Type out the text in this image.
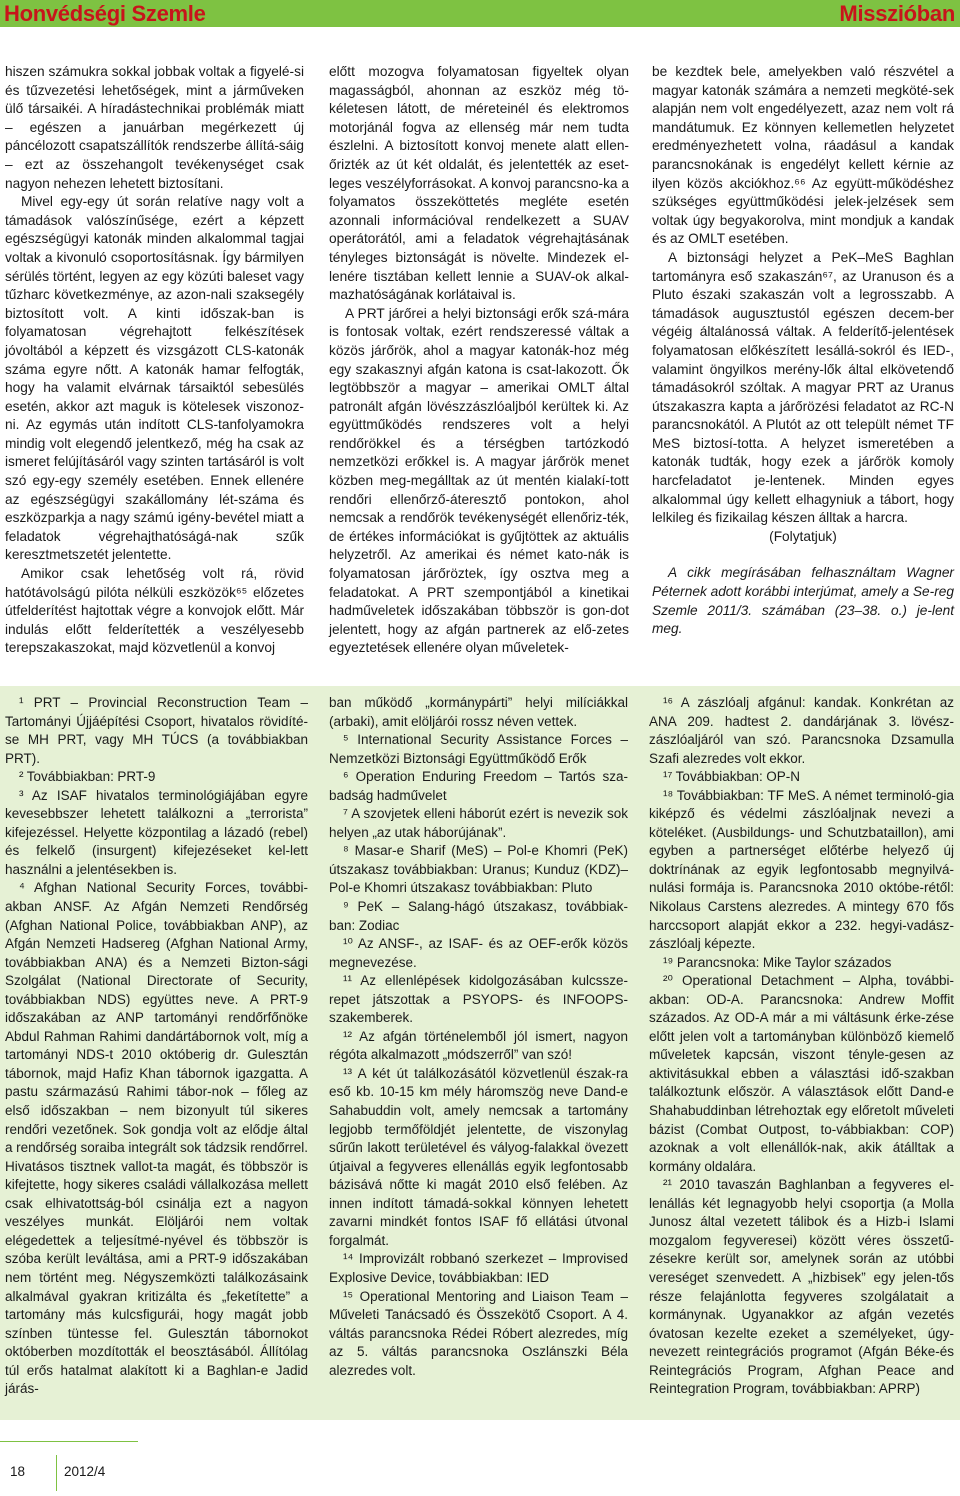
Honvédségi Szemle	Misszióban

hiszen számukra sokkal jobbak voltak a figyelé-si és tűzvezetési lehetőségek, mint a járműveken ülő társaikéi. A híradástechnikai problémák miatt – egészen a januárban megérkezett új páncélozott csapatszállítók rendszerbe állítá-sáig – ezt az összehangolt tevékenységet csak nagyon nehezen lehetett biztosítani.

Mivel egy-egy út során relatíve nagy volt a támadások valószínűsége, ezért a képzett egészségügyi katonák minden alkalommal tagjai voltak a kivonuló csoportosításnak. Így bármilyen sérülés történt, legyen az egy közúti baleset vagy tűzharc következménye, az azon-nali szaksegély biztosított volt. A kinti időszak-ban is folyamatosan végrehajtott felkészítések jóvoltából a képzett és vizsgázott CLS-katonák száma egyre nőtt. A katonák hamar felfogták, hogy ha valamit elvárnak társaiktól sebesülés esetén, akkor azt maguk is kötelesek viszonoz-ni. Az egymás után indított CLS-tanfolyamokra mindig volt elegendő jelentkező, még ha csak az ismeret felújításáról vagy szinten tartásáról is volt szó egy-egy személy esetében. Ennek ellenére az egészségügyi szakállomány lét-száma és eszközparkja a nagy számú igény-bevétel miatt a feladatok végrehajthatóságá-nak szűk keresztmetszetét jelentette.

Amikor csak lehetőség volt rá, rövid hatótávolságú pilóta nélküli eszközök⁶⁵ előzetes útfelderítést hajtottak végre a konvojok előtt. Már indulás előtt felderítették a veszélyesebb terepszakaszokat, majd közvetlenül a konvoj

előtt mozogva folyamatosan figyeltek olyan magasságból, ahonnan az eszköz még tö-kéletesen látott, de méreteinél és elektromos motorjánál fogva az ellenség már nem tudta észlelni. A biztosított konvoj menete alatt ellen-őrizték az út két oldalát, és jelentették az eset-leges veszélyforrásokat. A konvoj parancsno-ka a folyamatos összeköttetés megléte esetén azonnali információval rendelkezett a SUAV operátorától, ami a feladatok végrehajtásának tényleges biztonságát is növelte. Mindezek el-lenére tisztában kellett lennie a SUAV-ok alkal-mazhatóságának korlátaival is.

A PRT járőrei a helyi biztonsági erők szá-mára is fontosak voltak, ezért rendszeressé váltak a közös járőrök, ahol a magyar katonák-hoz még egy szakasznyi afgán katona is csat-lakozott. Ők legtöbbször a magyar – amerikai OMLT által patronált afgán lövészzászlóaljból kerültek ki. Az együttműködés rendszeres volt a helyi rendőrökkel és a térségben tartózkodó nemzetközi erőkkel is. A magyar járőrök menet közben meg-megálltak az út mentén kialakí-tott rendőri ellenőrző-áteresztő pontokon, ahol nemcsak a rendőrök tevékenységét ellenőriz-ték, de értékes információkat is gyűjtöttek az aktuális helyzetről. Az amerikai és német kato-nák is folyamatosan járőröztek, így osztva meg a feladatokat. A PRT szempontjából a kinetikai hadműveletek időszakában többször is gon-dot jelentett, hogy az afgán partnerek az elő-zetes egyeztetések ellenére olyan műveletek-

be kezdtek bele, amelyekben való részvétel a magyar katonák számára a nemzeti megköté-sek alapján nem volt engedélyezett, azaz nem volt rá mandátumuk. Ez könnyen kellemetlen helyzetet eredményezhetett volna, ráadásul a kandak parancsnokának is engedélyt kellett kérnie az ilyen közös akciókhoz.⁶⁶ Az együtt-működéshez szükséges együttműködési jelek-jelzések sem voltak úgy begyakorolva, mint mondjuk a kandak és az OMLT esetében.

A biztonsági helyzet a PeK–MeS Baghlan tartományra eső szakaszán⁶⁷, az Uranuson és a Pluto északi szakaszán volt a legrosszabb. A támadások augusztustól egészen decem-ber végéig általánossá váltak. A felderítő-jelentések folyamatosan előkészített lesállá-sokról és IED-, valamint öngyilkos merény-lők által elkövetendő támadásokról szóltak. A magyar PRT az Uranus útszakaszra kapta a járőrözési feladatot az RC-N parancsnokától. A Plutót az ott települt német TF MeS biztosí-totta. A helyzet ismeretében a katonák tudták, hogy ezek a járőrök komoly harcfeladatot je-lentenek. Minden egyes alkalommal úgy kellett elhagyniuk a tábort, hogy lelkileg és fizikailag készen álltak a harcra.

(Folytatjuk)

A cikk megírásában felhasználtam Wagner Péternek adott korábbi interjúmat, amely a Se-reg Szemle 2011/3. számában (23–38. o.) je-lent meg.

¹ PRT – Provincial Reconstruction Team – Tartományi Újjáépítési Csoport, hivatalos rövidíté-se MH PRT, vagy MH TÚCS (a továbbiakban PRT).

² Továbbiakban: PRT-9

³ Az ISAF hivatalos terminológiájában egyre kevesebbszer lehetett találkozni a „terrorista” kifejezéssel. Helyette központilag a lázadó (rebel) és felkelő (insurgent) kifejezéseket kel-lett használni a jelentésekben is.

⁴ Afghan National Security Forces, további-akban ANSF. Az Afgán Nemzeti Rendőrség (Afghan National Police, továbbiakban ANP), az Afgán Nemzeti Hadsereg (Afghan National Army, továbbiakban ANA) és a Nemzeti Bizton-sági Szolgálat (National Directorate of Security, továbbiakban NDS) együttes neve. A PRT-9 időszakában az ANP tartományi rendőrfőnöke Abdul Rahman Rahimi dandártábornok volt, míg a tartományi NDS-t 2010 októberig dr. Gulesztán tábornok, majd Hafiz Khan tábornok igazgatta. A pastu származású Rahimi tábor-nok – főleg az első időszakban – nem bizonyult túl sikeres rendőri vezetőnek. Sok gondja volt az elődje által a rendőrség soraiba integrált sok tádzsik rendőrrel. Hivatásos tisztnek vallot-ta magát, és többször is kifejtette, hogy sikeres családi vállalkozása mellett csak elhivatottság-ból csinálja ezt a nagyon veszélyes munkát. Elöljárói nem voltak elégedettek a teljesítmé-nyével és többször is szóba került leváltása, ami a PRT-9 időszakában nem történt meg. Négyszemközti találkozásaink alkalmával gyakran kritizálta és „feketítette” a tartomány más kulcsfigurái, hogy magát jobb színben tüntesse fel. Gulesztán tábornokot októberben mozdították el beosztásából. Állítólag túl erős hatalmat alakított ki a Baghlan-e Jadid járás-

ban működő „kormánypárti” helyi milíciákkal (arbaki), amit elöljárói rossz néven vettek.

⁵ International Security Assistance Forces – Nemzetközi Biztonsági Együttműködő Erők

⁶ Operation Enduring Freedom – Tartós sza-badság hadművelet

⁷ A szovjetek elleni háborút ezért is nevezik sok helyen „az utak háborújának”.

⁸ Masar-e Sharif (MeS) – Pol-e Khomri (PeK) útszakasz továbbiakban: Uranus; Kunduz (KDZ)– Pol-e Khomri útszakasz továbbiakban: Pluto

⁹ PeK – Salang-hágó útszakasz, továbbiak-ban: Zodiac

¹⁰ Az ANSF-, az ISAF- és az OEF-erők közös megnevezése.

¹¹ Az ellenlépések kidolgozásában kulcssze-repet játszottak a PSYOPS- és INFOOPS-szakemberek.

¹² Az afgán történelemből jól ismert, nagyon régóta alkalmazott „módszerről” van szó!

¹³ A két út találkozásától közvetlenül észak-ra eső kb. 10-15 km mély háromszög neve Dand-e Sahabuddin volt, amely nemcsak a tartomány legjobb termőföldjét jelentette, de viszonylag sűrűn lakott területével és vályog-falakkal övezett útjaival a fegyveres ellenállás egyik legfontosabb bázisává nőtte ki magát 2010 első felében. Az innen indított támadá-sokkal könnyen lehetett zavarni mindkét fontos ISAF fő ellátási útvonal forgalmát.

¹⁴ Improvizált robbanó szerkezet – Improvised Explosive Device, továbbiakban: IED

¹⁵ Operational Mentoring and Liaison Team – Műveleti Tanácsadó és Összekötő Csoport. A 4. váltás parancsnoka Rédei Róbert alezredes, míg az 5. váltás parancsnoka Oszlánszki Béla alezredes volt.

¹⁶ A zászlóalj afgánul: kandak. Konkrétan az ANA 209. hadtest 2. dandárjának 3. lövész-zászlóaljáról van szó. Parancsnoka Dzsamulla Szafi alezredes volt ekkor.

¹⁷ Továbbiakban: OP-N

¹⁸ Továbbiakban: TF MeS. A német terminoló-gia kiképző és védelmi zászlóaljnak nevezi a köteléket. (Ausbildungs- und Schutzbataillon), ami egyben a partnerséget előtérbe helyező új doktrínának az egyik legfontosabb megnyilvá-nulási formája is. Parancsnoka 2010 októbe-rétől: Nikolaus Carstens alezredes. A mintegy 670 fős harccsoport alapját ekkor a 232. hegyi-vadász-zászlóalj képezte.

¹⁹ Parancsnoka: Mike Taylor százados

²⁰ Operational Detachment – Alpha, további-akban: OD-A. Parancsnoka: Andrew Moffit százados. Az OD-A már a mi váltásunk érke-zése előtt jelen volt a tartományban különböző kiemelő műveletek kapcsán, viszont tényle-gesen az aktivitásukkal ebben a választási idő-szakban találkoztunk először. A választások előtt Dand-e Shahabuddinban létrehoztak egy előretolt műveleti bázist (Combat Outpost, to-vábbiakban: COP) azoknak a volt ellenállók-nak, akik átálltak a kormány oldalára.

²¹ 2010 tavaszán Baghlanban a fegyveres el-lenállás két legnagyobb helyi csoportja (a Molla Junosz által vezetett tálibok és a Hizb-i Islami mozgalom fegyveresei) között véres összetű-zésekre került sor, amelynek során az utóbbi vereséget szenvedett. A „hizbisek” egy jelen-tős része felajánlotta fegyveres szolgálatait a kormánynak. Ugyanakkor az afgán vezetés óvatosan kezelte ezeket a személyeket, úgy-nevezett reintegrációs programot (Afgán Béke-és Reintegrációs Program, Afghan Peace and Reintegration Program, továbbiakban: APRP)

18	2012/4
